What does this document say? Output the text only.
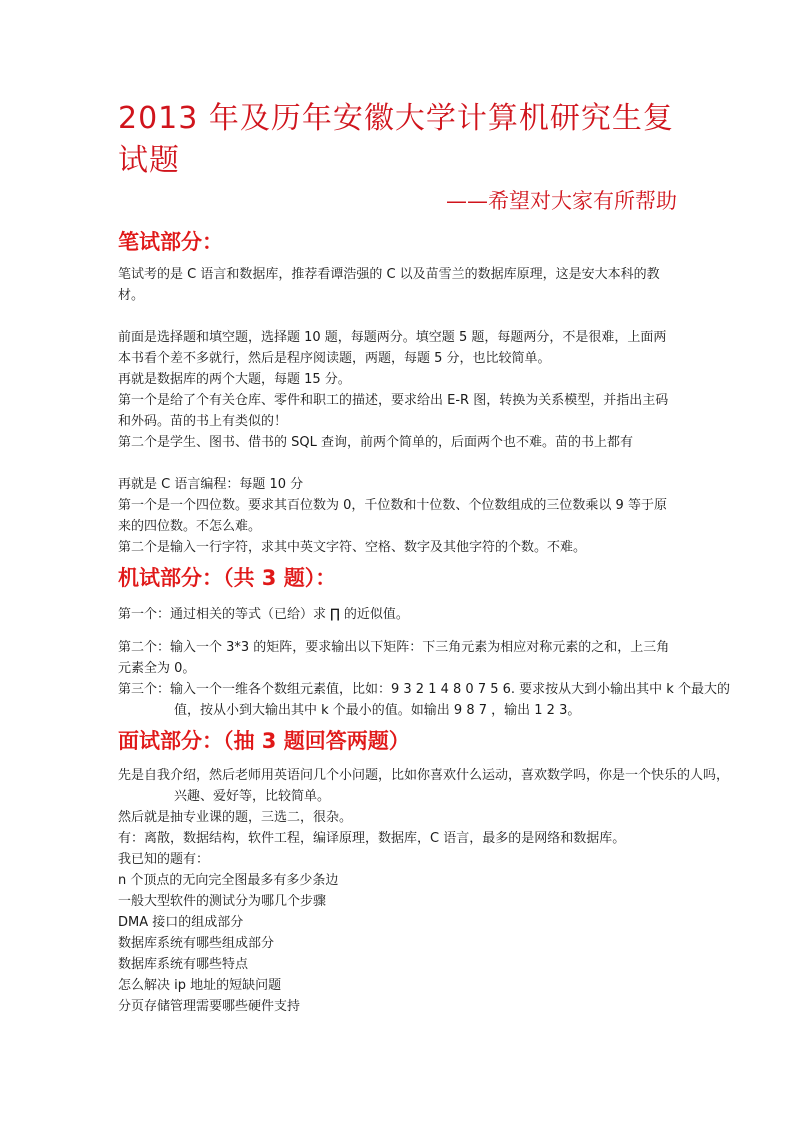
2013 年及历年安徽大学计算机研究生复试题
——希望对大家有所帮助
笔试部分：
笔试考的是 C 语言和数据库，推荐看谭浩强的 C 以及苗雪兰的数据库原理，这是安大本科的教材。
前面是选择题和填空题，选择题 10 题，每题两分。填空题 5 题，每题两分，不是很难，上面两本书看个差不多就行，然后是程序阅读题，两题，每题 5 分，也比较简单。
再就是数据库的两个大题，每题 15 分。
第一个是给了个有关仓库、零件和职工的描述，要求给出 E-R 图，转换为关系模型，并指出主码和外码。苗的书上有类似的！
第二个是学生、图书、借书的 SQL 查询，前两个简单的，后面两个也不难。苗的书上都有
再就是 C 语言编程：每题 10 分
第一个是一个四位数。要求其百位数为 0，千位数和十位数、个位数组成的三位数乘以 9 等于原来的四位数。不怎么难。
第二个是输入一行字符，求其中英文字符、空格、数字及其他字符的个数。不难。
机试部分：（共 3 题）：
第一个：通过相关的等式（已给）求 ∏ 的近似值。
第二个：输入一个 3*3 的矩阵，要求输出以下矩阵：下三角元素为相应对称元素的之和，上三角元素全为 0。
第三个：输入一个一维各个数组元素值，比如：9 3 2 1 4 8 0 7 5 6. 要求按从大到小输出其中 k 个最大的值，按从小到大输出其中 k 个最小的值。如输出 9 8 7 ，输出 1 2 3。
面试部分：（抽 3 题回答两题）
先是自我介绍，然后老师用英语问几个小问题，比如你喜欢什么运动，喜欢数学吗，你是一个快乐的人吗，兴趣、爱好等，比较简单。
然后就是抽专业课的题，三选二，很杂。
有：离散，数据结构，软件工程，编译原理，数据库，C 语言，最多的是网络和数据库。
我已知的题有：
n 个顶点的无向完全图最多有多少条边
一般大型软件的测试分为哪几个步骤
DMA 接口的组成部分
数据库系统有哪些组成部分
数据库系统有哪些特点
怎么解决 ip 地址的短缺问题
分页存储管理需要哪些硬件支持
